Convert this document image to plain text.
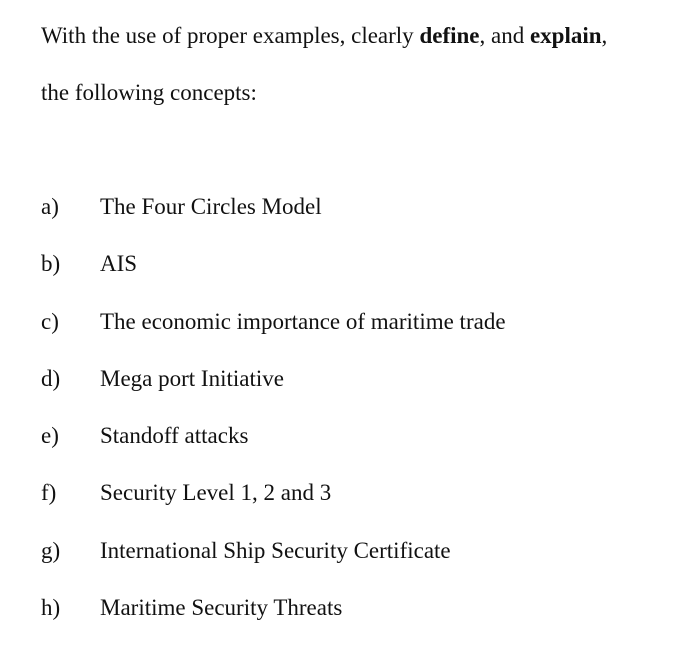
With the use of proper examples, clearly define, and explain,
the following concepts:
a)	The Four Circles Model
b)	AIS
c)	The economic importance of maritime trade
d)	Mega port Initiative
e)	Standoff attacks
f)	Security Level 1, 2 and 3
g)	International Ship Security Certificate
h)	Maritime Security Threats
